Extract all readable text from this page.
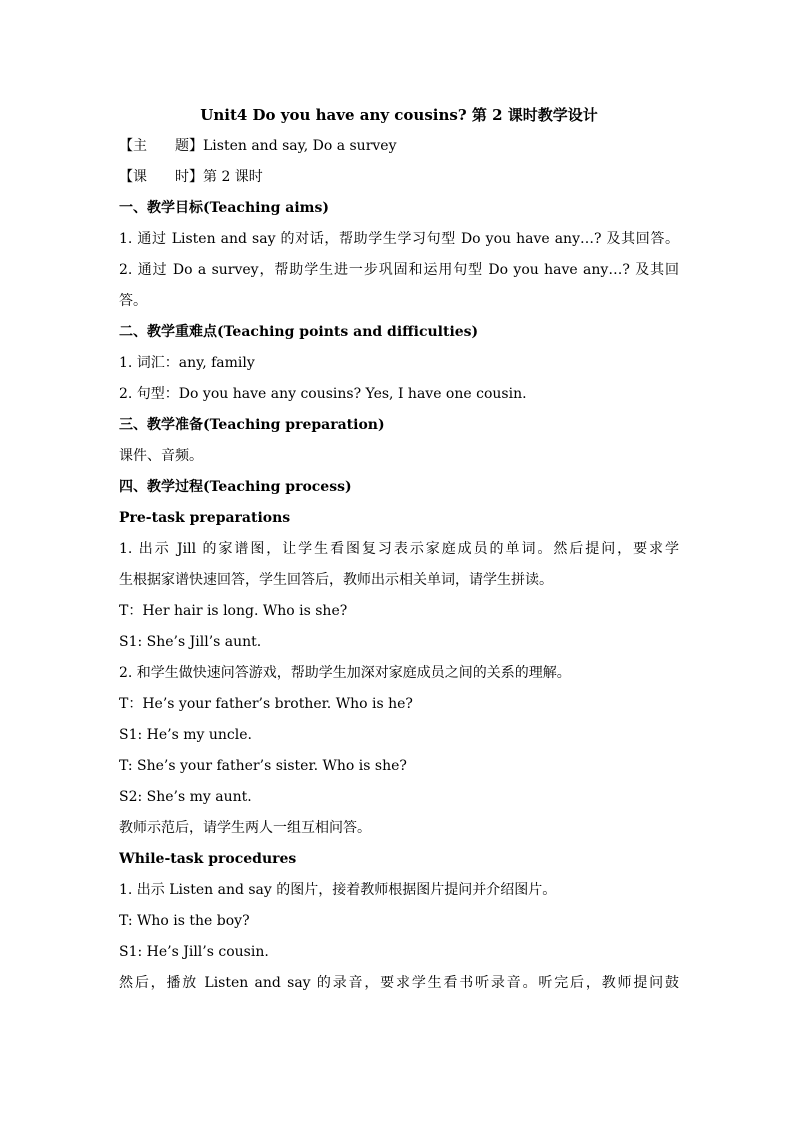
Unit4 Do you have any cousins? 第 2 课时教学设计
【主　　题】Listen and say, Do a survey
【课　　时】第 2 课时
一、教学目标(Teaching aims)
1. 通过 Listen and say 的对话，帮助学生学习句型 Do you have any…? 及其回答。
2. 通过 Do a survey，帮助学生进一步巩固和运用句型 Do you have any…? 及其回
答。
二、教学重难点(Teaching points and difficulties)
1. 词汇：any, family
2. 句型：Do you have any cousins? Yes, I have one cousin.
三、教学准备(Teaching preparation)
课件、音频。
四、教学过程(Teaching process)
Pre-task preparations
1. 出示 Jill 的家谱图，让学生看图复习表示家庭成员的单词。然后提问，要求学
生根据家谱快速回答，学生回答后，教师出示相关单词，请学生拼读。
T：Her hair is long. Who is she?
S1: She’s Jill’s aunt.
2. 和学生做快速问答游戏，帮助学生加深对家庭成员之间的关系的理解。
T：He’s your father’s brother. Who is he?
S1: He’s my uncle.
T: She’s your father’s sister. Who is she?
S2: She’s my aunt.
教师示范后，请学生两人一组互相问答。
While-task procedures
1. 出示 Listen and say 的图片，接着教师根据图片提问并介绍图片。
T: Who is the boy?
S1: He’s Jill’s cousin.
然后，播放 Listen and say 的录音，要求学生看书听录音。听完后，教师提问鼓
